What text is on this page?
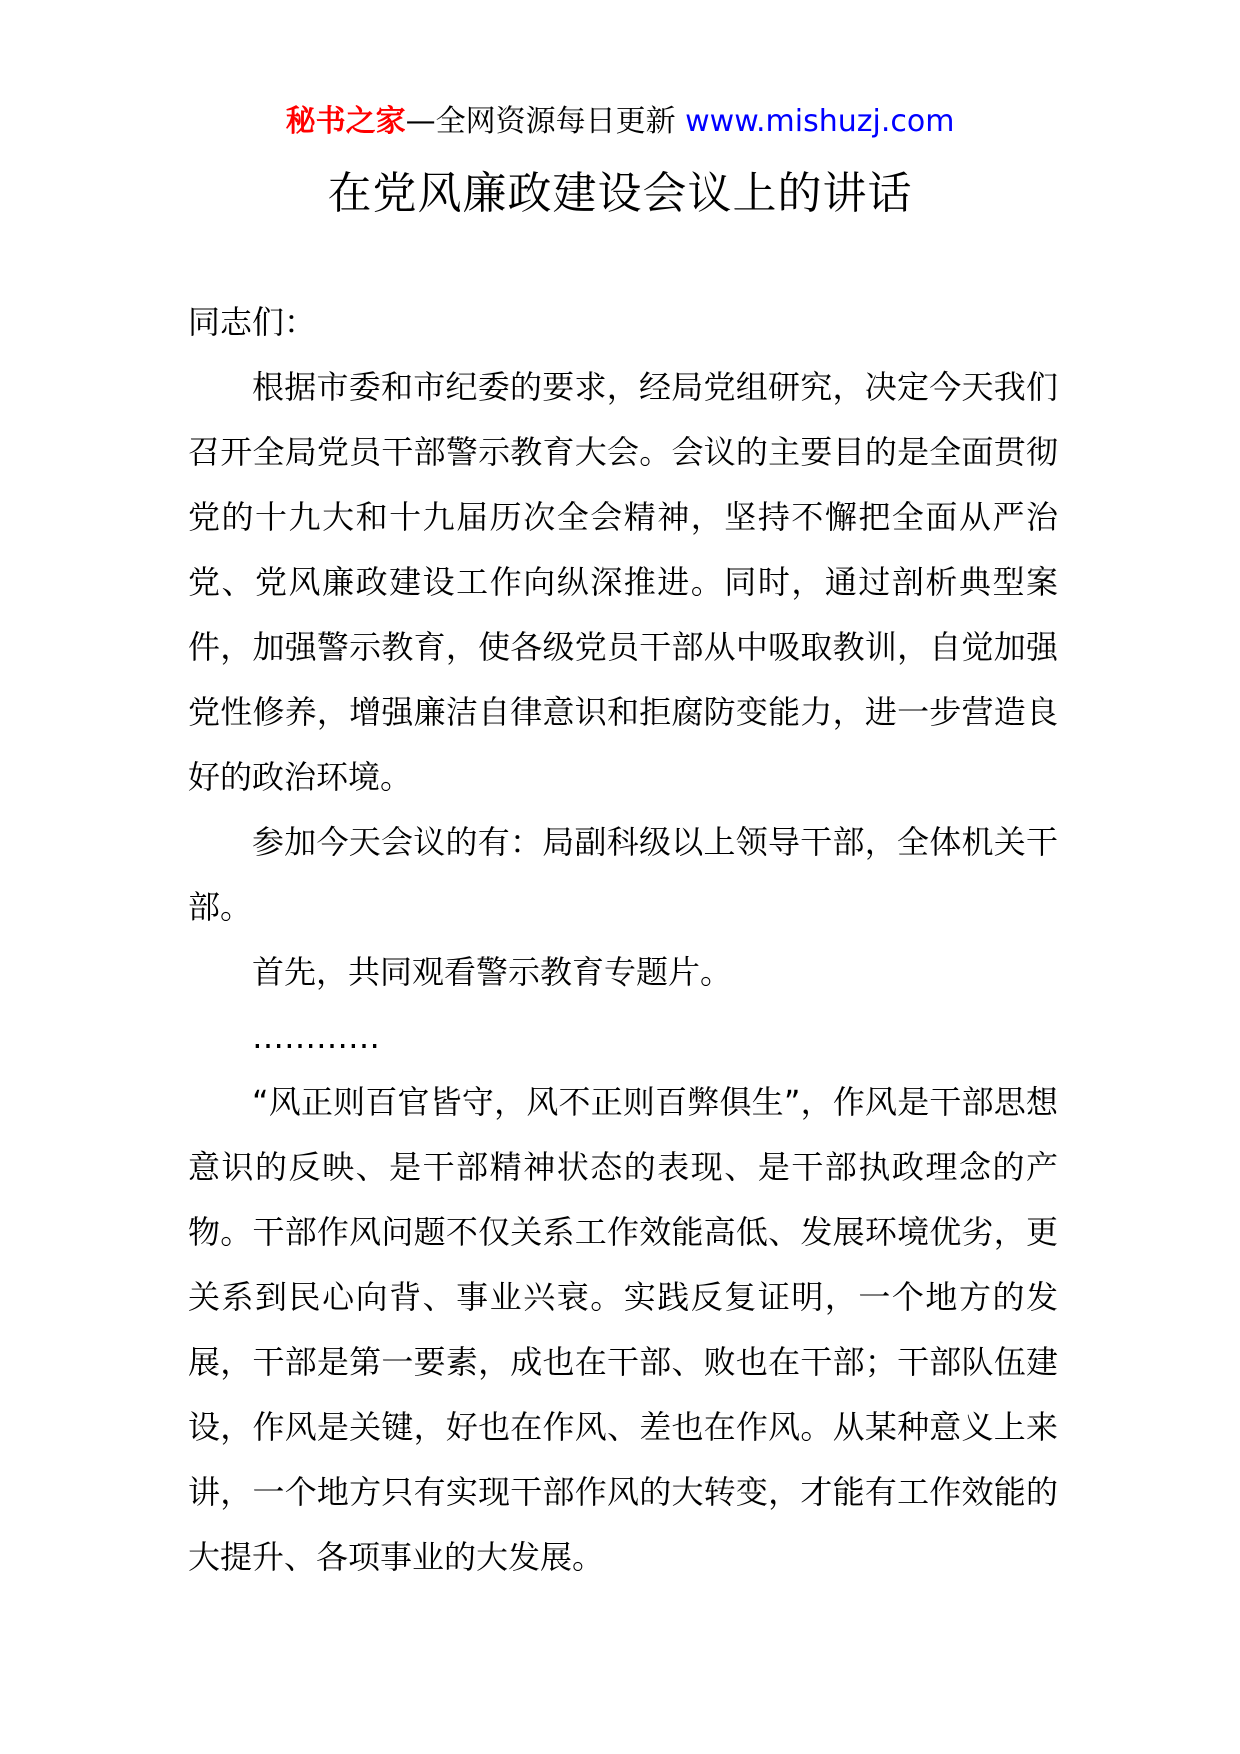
秘书之家—全网资源每日更新 www.mishuzj.com
在党风廉政建设会议上的讲话

同志们：

根据市委和市纪委的要求，经局党组研究，决定今天我们召开全局党员干部警示教育大会。会议的主要目的是全面贯彻党的十九大和十九届历次全会精神，坚持不懈把全面从严治党、党风廉政建设工作向纵深推进。同时，通过剖析典型案件，加强警示教育，使各级党员干部从中吸取教训，自觉加强党性修养，增强廉洁自律意识和拒腐防变能力，进一步营造良好的政治环境。

参加今天会议的有：局副科级以上领导干部，全体机关干部。

首先，共同观看警示教育专题片。

…………

“风正则百官皆守，风不正则百弊俱生”，作风是干部思想意识的反映、是干部精神状态的表现、是干部执政理念的产物。干部作风问题不仅关系工作效能高低、发展环境优劣，更关系到民心向背、事业兴衰。实践反复证明，一个地方的发展，干部是第一要素，成也在干部、败也在干部；干部队伍建设，作风是关键，好也在作风、差也在作风。从某种意义上来讲，一个地方只有实现干部作风的大转变，才能有工作效能的大提升、各项事业的大发展。
